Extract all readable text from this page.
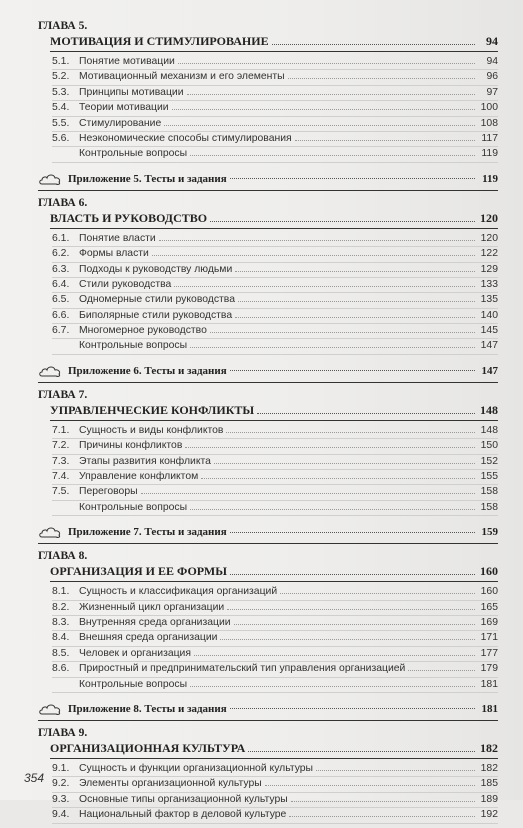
ГЛАВА 5.
МОТИВАЦИЯ И СТИМУЛИРОВАНИЕ	94
5.1. Понятие мотивации	94
5.2. Мотивационный механизм и его элементы	96
5.3. Принципы мотивации	97
5.4. Теории мотивации	100
5.5. Стимулирование	108
5.6. Неэкономические способы стимулирования	117
Контрольные вопросы	119
Приложение 5. Тесты и задания	119
ГЛАВА 6.
ВЛАСТЬ И РУКОВОДСТВО	120
6.1. Понятие власти	120
6.2. Формы власти	122
6.3. Подходы к руководству людьми	129
6.4. Стили руководства	133
6.5. Одномерные стили руководства	135
6.6. Биполярные стили руководства	140
6.7. Многомерное руководство	145
Контрольные вопросы	147
Приложение 6. Тесты и задания	147
ГЛАВА 7.
УПРАВЛЕНЧЕСКИЕ КОНФЛИКТЫ	148
7.1. Сущность и виды конфликтов	148
7.2. Причины конфликтов	150
7.3. Этапы развития конфликта	152
7.4. Управление конфликтом	155
7.5. Переговоры	158
Контрольные вопросы	158
Приложение 7. Тесты и задания	159
ГЛАВА 8.
ОРГАНИЗАЦИЯ И ЕЕ ФОРМЫ	160
8.1. Сущность и классификация организаций	160
8.2. Жизненный цикл организации	165
8.3. Внутренняя среда организации	169
8.4. Внешняя среда организации	171
8.5. Человек и организация	177
8.6. Приростный и предпринимательский тип управления организацией	179
Контрольные вопросы	181
Приложение 8. Тесты и задания	181
ГЛАВА 9.
ОРГАНИЗАЦИОННАЯ КУЛЬТУРА	182
9.1. Сущность и функции организационной культуры	182
9.2. Элементы организационной культуры	185
9.3. Основные типы организационной культуры	189
9.4. Национальный фактор в деловой культуре	192
354
